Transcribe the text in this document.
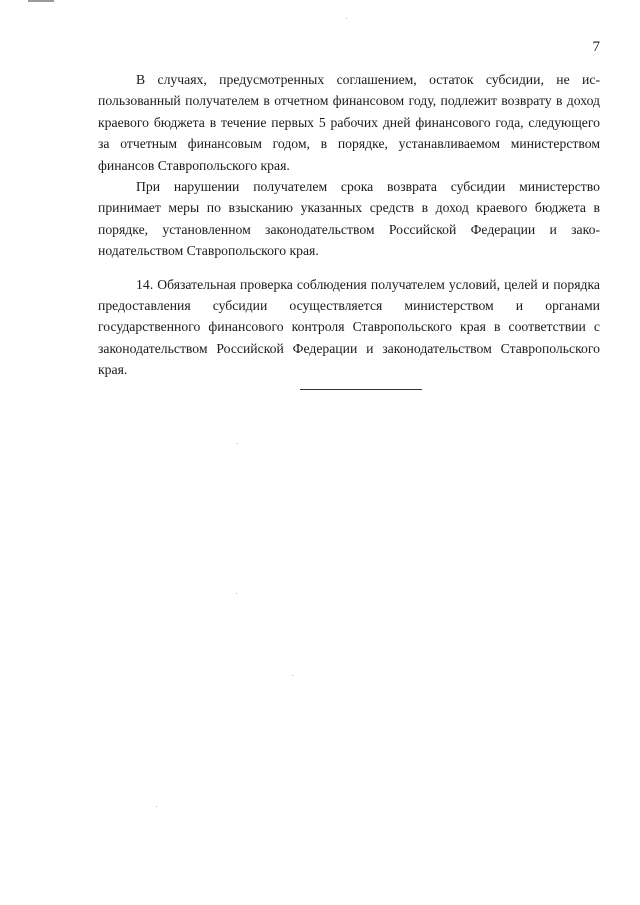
7

В случаях, предусмотренных соглашением, остаток субсидии, не использованный получателем в отчетном финансовом году, подлежит возврату в доход краевого бюджета в течение первых 5 рабочих дней финансового года, следующего за отчетным финансовым годом, в порядке, устанавливаемом министерством финансов Ставропольского края.

При нарушении получателем срока возврата субсидии министерство принимает меры по взысканию указанных средств в доход краевого бюджета в порядке, установленном законодательством Российской Федерации и законодательством Ставропольского края.

14. Обязательная проверка соблюдения получателем условий, целей и порядка предоставления субсидии осуществляется министерством и органами государственного финансового контроля Ставропольского края в соответствии с законодательством Российской Федерации и законодательством Ставропольского края.
